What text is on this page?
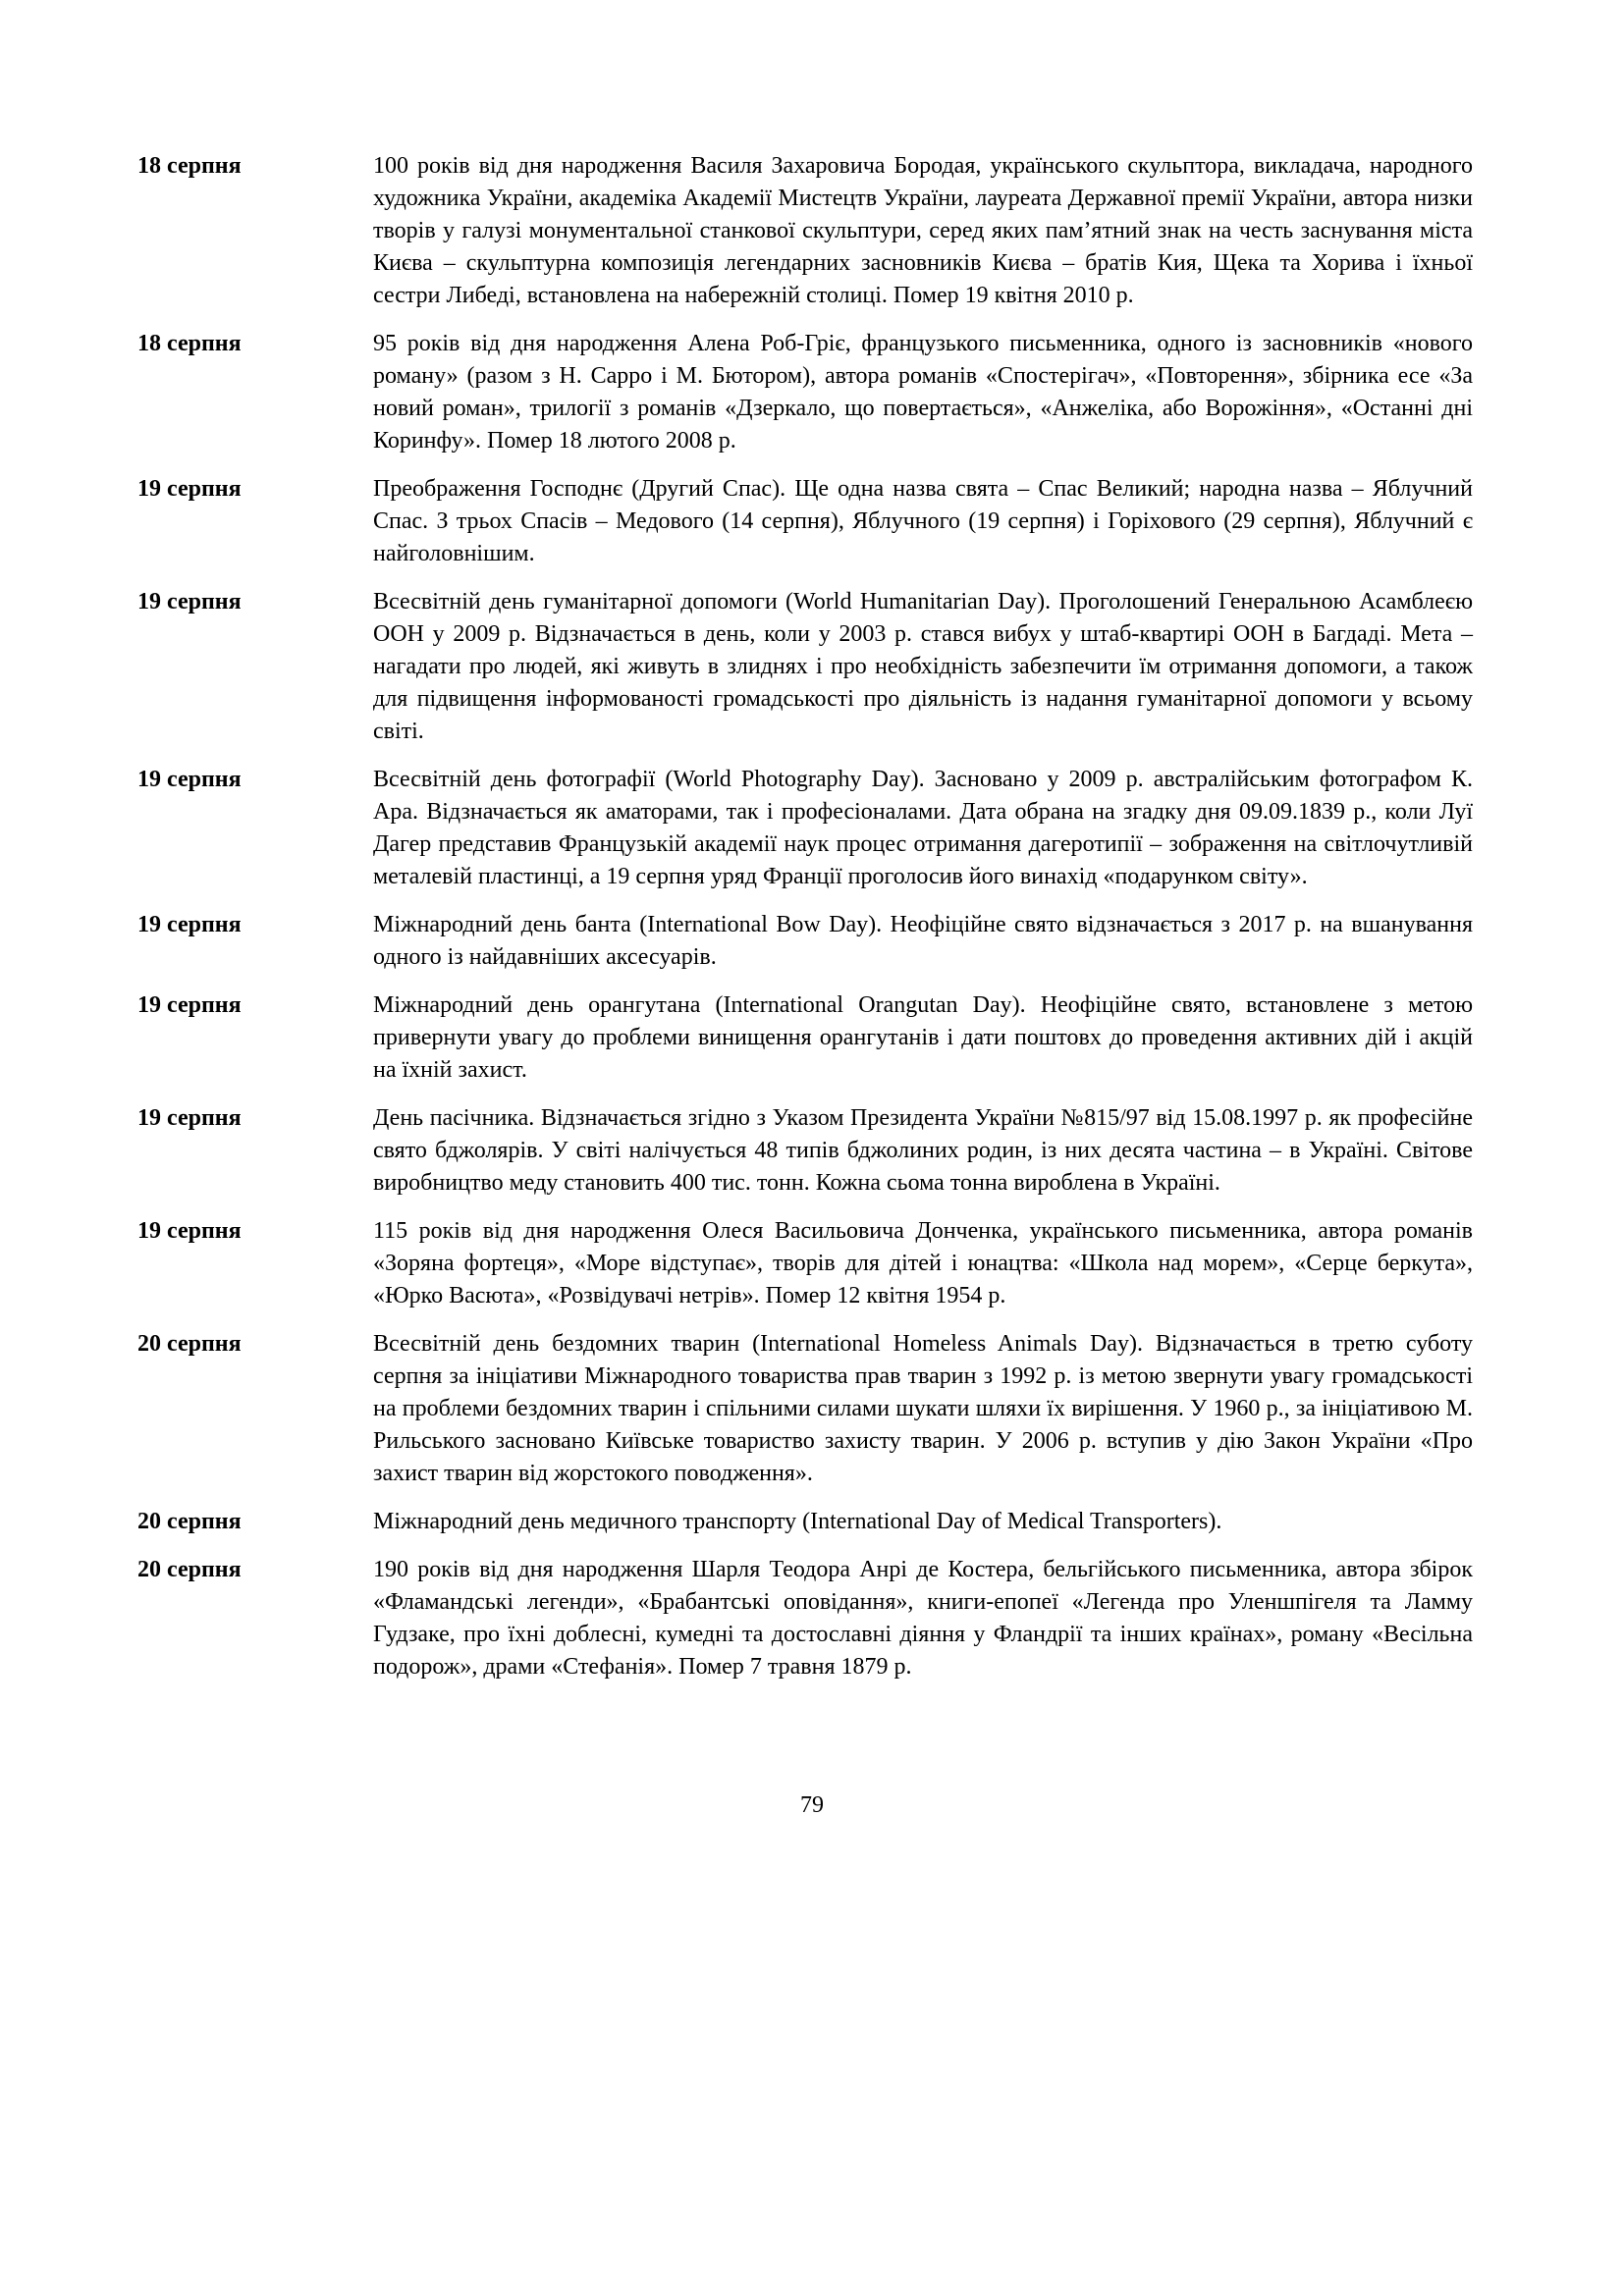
18 серпня	100 років від дня народження Василя Захаровича Бородая, українського скульптора, викладача, народного художника України, академіка Академії Мистецтв України, лауреата Державної премії України, автора низки творів у галузі монументальної станкової скульптури, серед яких пам’ятний знак на честь заснування міста Києва – скульптурна композиція легендарних засновників Києва – братів Кия, Щека та Хорива і їхньої сестри Либеді, встановлена на набережній столиці. Помер 19 квітня 2010 р.
18 серпня	95 років від дня народження Алена Роб-Гріє, французького письменника, одного із засновників «нового роману» (разом з Н. Сарро і М. Бютором), автора романів «Спостерігач», «Повторення», збірника есе «За новий роман», трилогії з романів «Дзеркало, що повертається», «Анжеліка, або Ворожіння», «Останні дні Коринфу». Помер 18 лютого 2008 р.
19 серпня	Преображення Господнє (Другий Спас). Ще одна назва свята – Спас Великий; народна назва – Яблучний Спас. З трьох Спасів – Медового (14 серпня), Яблучного (19 серпня) і Горіхового (29 серпня), Яблучний є найголовнішим.
19 серпня	Всесвітній день гуманітарної допомоги (World Humanitarian Day). Проголошений Генеральною Асамблеєю ООН у 2009 р. Відзначається в день, коли у 2003 р. стався вибух у штаб-квартирі ООН в Багдаді. Мета – нагадати про людей, які живуть в злиднях і про необхідність забезпечити їм отримання допомоги, а також для підвищення інформованості громадськості про діяльність із надання гуманітарної допомоги у всьому світі.
19 серпня	Всесвітній день фотографії (World Photography Day). Засновано у 2009 р. австралійським фотографом К. Ара. Відзначається як аматорами, так і професіоналами. Дата обрана на згадку дня 09.09.1839 р., коли Луї Дагер представив Французькій академії наук процес отримання дагеротипії – зображення на світлочутливій металевій пластинці, а 19 серпня уряд Франції проголосив його винахід «подарунком світу».
19 серпня	Міжнародний день банта (International Bow Day). Неофіційне свято відзначається з 2017 р. на вшанування одного із найдавніших аксесуарів.
19 серпня	Міжнародний день орангутана (International Orangutan Day). Неофіційне свято, встановлене з метою привернути увагу до проблеми винищення орангутанів і дати поштовх до проведення активних дій і акцій на їхній захист.
19 серпня	День пасічника. Відзначається згідно з Указом Президента України №815/97 від 15.08.1997 р. як професійне свято бджолярів. У світі налічується 48 типів бджолиних родин, із них десята частина – в Україні. Світове виробництво меду становить 400 тис. тонн. Кожна сьома тонна вироблена в Україні.
19 серпня	115 років від дня народження Олеся Васильовича Донченка, українського письменника, автора романів «Зоряна фортеця», «Море відступає», творів для дітей і юнацтва: «Школа над морем», «Серце беркута», «Юрко Васюта», «Розвідувачі нетрів». Помер 12 квітня 1954 р.
20 серпня	Всесвітній день бездомних тварин (International Homeless Animals Day). Відзначається в третю суботу серпня за ініціативи Міжнародного товариства прав тварин з 1992 р. із метою звернути увагу громадськості на проблеми бездомних тварин і спільними силами шукати шляхи їх вирішення. У 1960 р., за ініціативою М. Рильського засновано Київське товариство захисту тварин. У 2006 р. вступив у дію Закон України «Про захист тварин від жорстокого поводження».
20 серпня	Міжнародний день медичного транспорту (International Day of Medical Transporters).
20 серпня	190 років від дня народження Шарля Теодора Анрі де Костера, бельгійського письменника, автора збірок «Фламандські легенди», «Брабантські оповідання», книги-епопеї «Легенда про Уленшпігеля та Ламму Гудзаке, про їхні доблесні, кумедні та достославні діяння у Фландрії та інших країнах», роману «Весільна подорож», драми «Стефанія». Помер 7 травня 1879 р.
79
